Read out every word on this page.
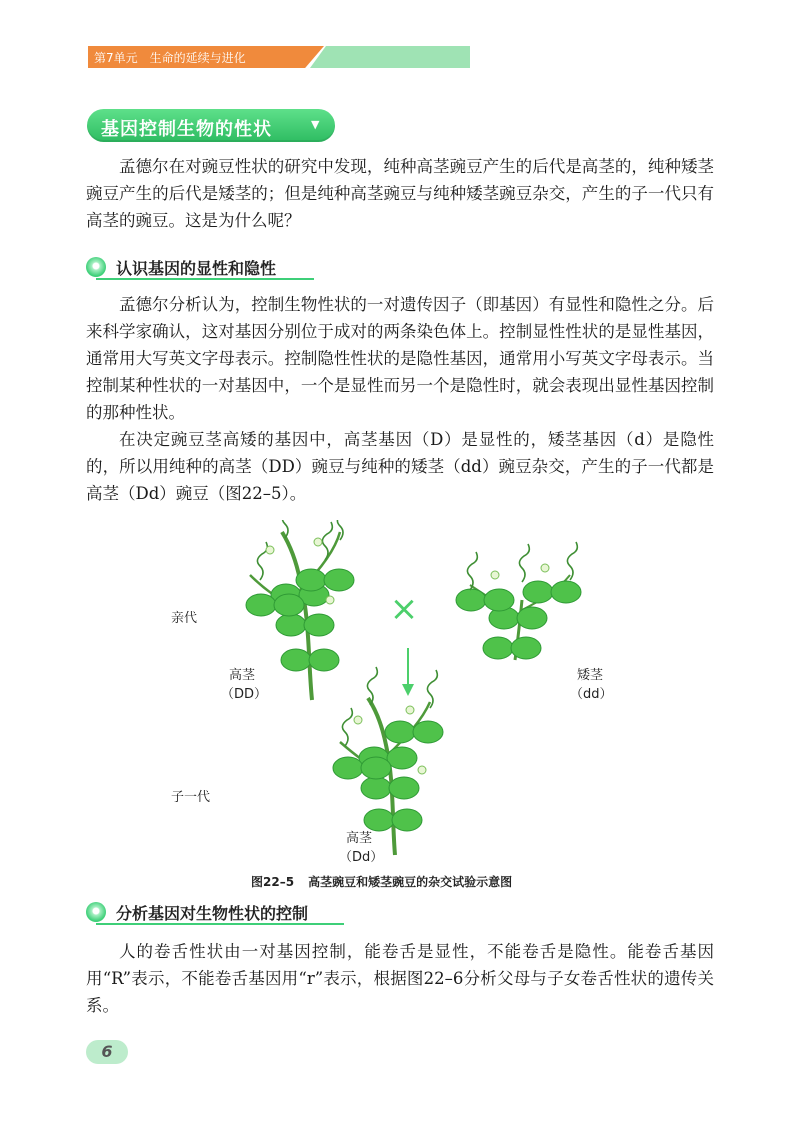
第7单元 生命的延续与进化
基因控制生物的性状	▼

孟德尔在对豌豆性状的研究中发现，纯种高茎豌豆产生的后代是高茎的，纯种矮茎豌豆产生的后代是矮茎的；但是纯种高茎豌豆与纯种矮茎豌豆杂交，产生的子一代只有高茎的豌豆。这是为什么呢？

认识基因的显性和隐性

孟德尔分析认为，控制生物性状的一对遗传因子（即基因）有显性和隐性之分。后来科学家确认，这对基因分别位于成对的两条染色体上。控制显性性状的是显性基因，通常用大写英文字母表示。控制隐性性状的是隐性基因，通常用小写英文字母表示。当控制某种性状的一对基因中，一个是显性而另一个是隐性时，就会表现出显性基因控制的那种性状。

在决定豌豆茎高矮的基因中，高茎基因（D）是显性的，矮茎基因（d）是隐性的，所以用纯种的高茎（DD）豌豆与纯种的矮茎（dd）豌豆杂交，产生的子一代都是高茎（Dd）豌豆（图22–5）。

×
亲代
子一代
高茎
（DD）
矮茎
（dd）
高茎
（Dd）
图22–5 高茎豌豆和矮茎豌豆的杂交试验示意图
分析基因对生物性状的控制

人的卷舌性状由一对基因控制，能卷舌是显性，不能卷舌是隐性。能卷舌基因用“R”表示，不能卷舌基因用“r”表示，根据图22–6分析父母与子女卷舌性状的遗传关系。

6
